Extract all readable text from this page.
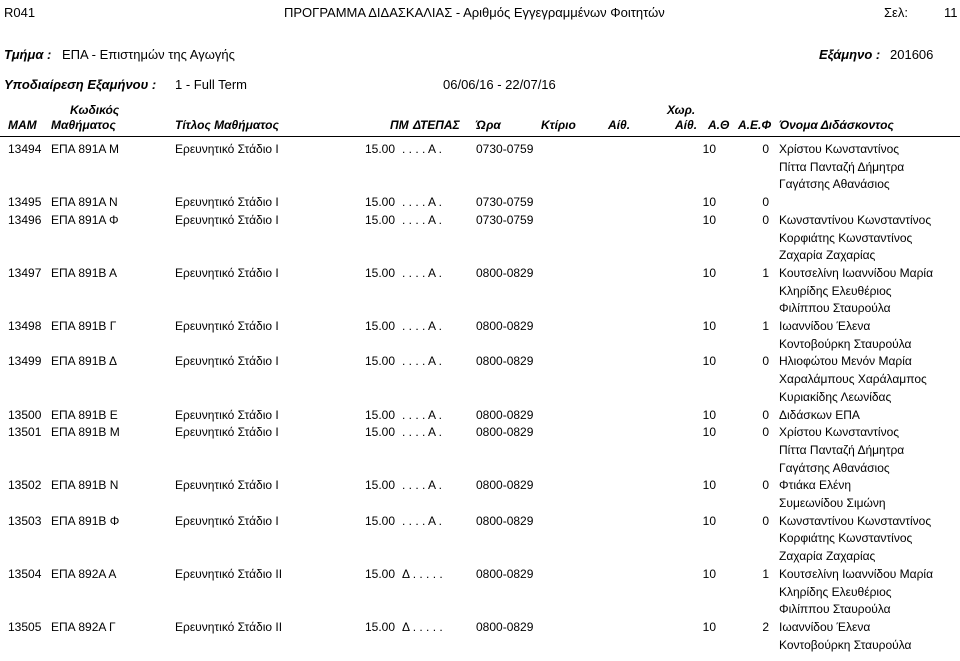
R041	ΠΡΟΓΡΑΜΜΑ ΔΙΔΑΣΚΑΛΙΑΣ - Αριθμός Εγγεγραμμένων Φοιτητών	Σελ:	11
Τμήμα : ΕΠΑ - Επιστημών της Αγωγής	Εξάμηνο : 201606
Υποδιαίρεση Εξαμήνου : 1 - Full Term	06/06/16 - 22/07/16
Κωδικός
ΜΑΜ Μαθήματος	Τίτλος Μαθήματος	ΠΜ ΔΤΕΠΑΣ Ώρα	Κτίριο	Αίθ.
Χωρ.
Αίθ. Α.Θ Α.Ε.Φ Όνομα Διδάσκοντος
13494 ΕΠΑ 891Α Μ	Ερευνητικό Στάδιο Ι	15.00 . . . . Α .	0730-0759	10	0 Χρίστου Κωνσταντίνος
Πίττα Πανταζή Δήμητρα
Γαγάτσης Αθανάσιος
13495 ΕΠΑ 891Α Ν	Ερευνητικό Στάδιο Ι	15.00 . . . . Α .	0730-0759	10	0
13496 ΕΠΑ 891Α Φ	Ερευνητικό Στάδιο Ι	15.00 . . . . Α .	0730-0759	10	0 Κωνσταντίνου Κωνσταντίνος
Κορφιάτης Κωνσταντίνος
Ζαχαρία Ζαχαρίας
13497 ΕΠΑ 891Β Α	Ερευνητικό Στάδιο Ι	15.00 . . . . Α .	0800-0829	10	1 Κουτσελίνη Ιωαννίδου Μαρία
Κληρίδης Ελευθέριος
Φιλίππου Σταυρούλα
13498 ΕΠΑ 891Β Γ	Ερευνητικό Στάδιο Ι	15.00 . . . . Α .	0800-0829	10	1 Ιωαννίδου Έλενα
Κοντοβούρκη Σταυρούλα
13499 ΕΠΑ 891Β Δ	Ερευνητικό Στάδιο Ι	15.00 . . . . Α .	0800-0829	10	0 Ηλιοφώτου Μενόν Μαρία
Χαραλάμπους Χαράλαμπος
Κυριακίδης Λεωνίδας
13500 ΕΠΑ 891Β Ε	Ερευνητικό Στάδιο Ι	15.00 . . . . Α .	0800-0829	10	0 Διδάσκων ΕΠΑ
13501 ΕΠΑ 891Β Μ	Ερευνητικό Στάδιο Ι	15.00 . . . . Α .	0800-0829	10	0 Χρίστου Κωνσταντίνος
Πίττα Πανταζή Δήμητρα
Γαγάτσης Αθανάσιος
13502 ΕΠΑ 891Β Ν	Ερευνητικό Στάδιο Ι	15.00 . . . . Α .	0800-0829	10	0 Φτιάκα Ελένη
Συμεωνίδου Σιμώνη
13503 ΕΠΑ 891Β Φ	Ερευνητικό Στάδιο Ι	15.00 . . . . Α .	0800-0829	10	0 Κωνσταντίνου Κωνσταντίνος
Κορφιάτης Κωνσταντίνος
Ζαχαρία Ζαχαρίας
13504 ΕΠΑ 892Α Α	Ερευνητικό Στάδιο ΙΙ	15.00 Δ . . . . .	0800-0829	10	1 Κουτσελίνη Ιωαννίδου Μαρία
Κληρίδης Ελευθέριος
Φιλίππου Σταυρούλα
13505 ΕΠΑ 892Α Γ	Ερευνητικό Στάδιο ΙΙ	15.00 Δ . . . . .	0800-0829	10	2 Ιωαννίδου Έλενα
Κοντοβούρκη Σταυρούλα
